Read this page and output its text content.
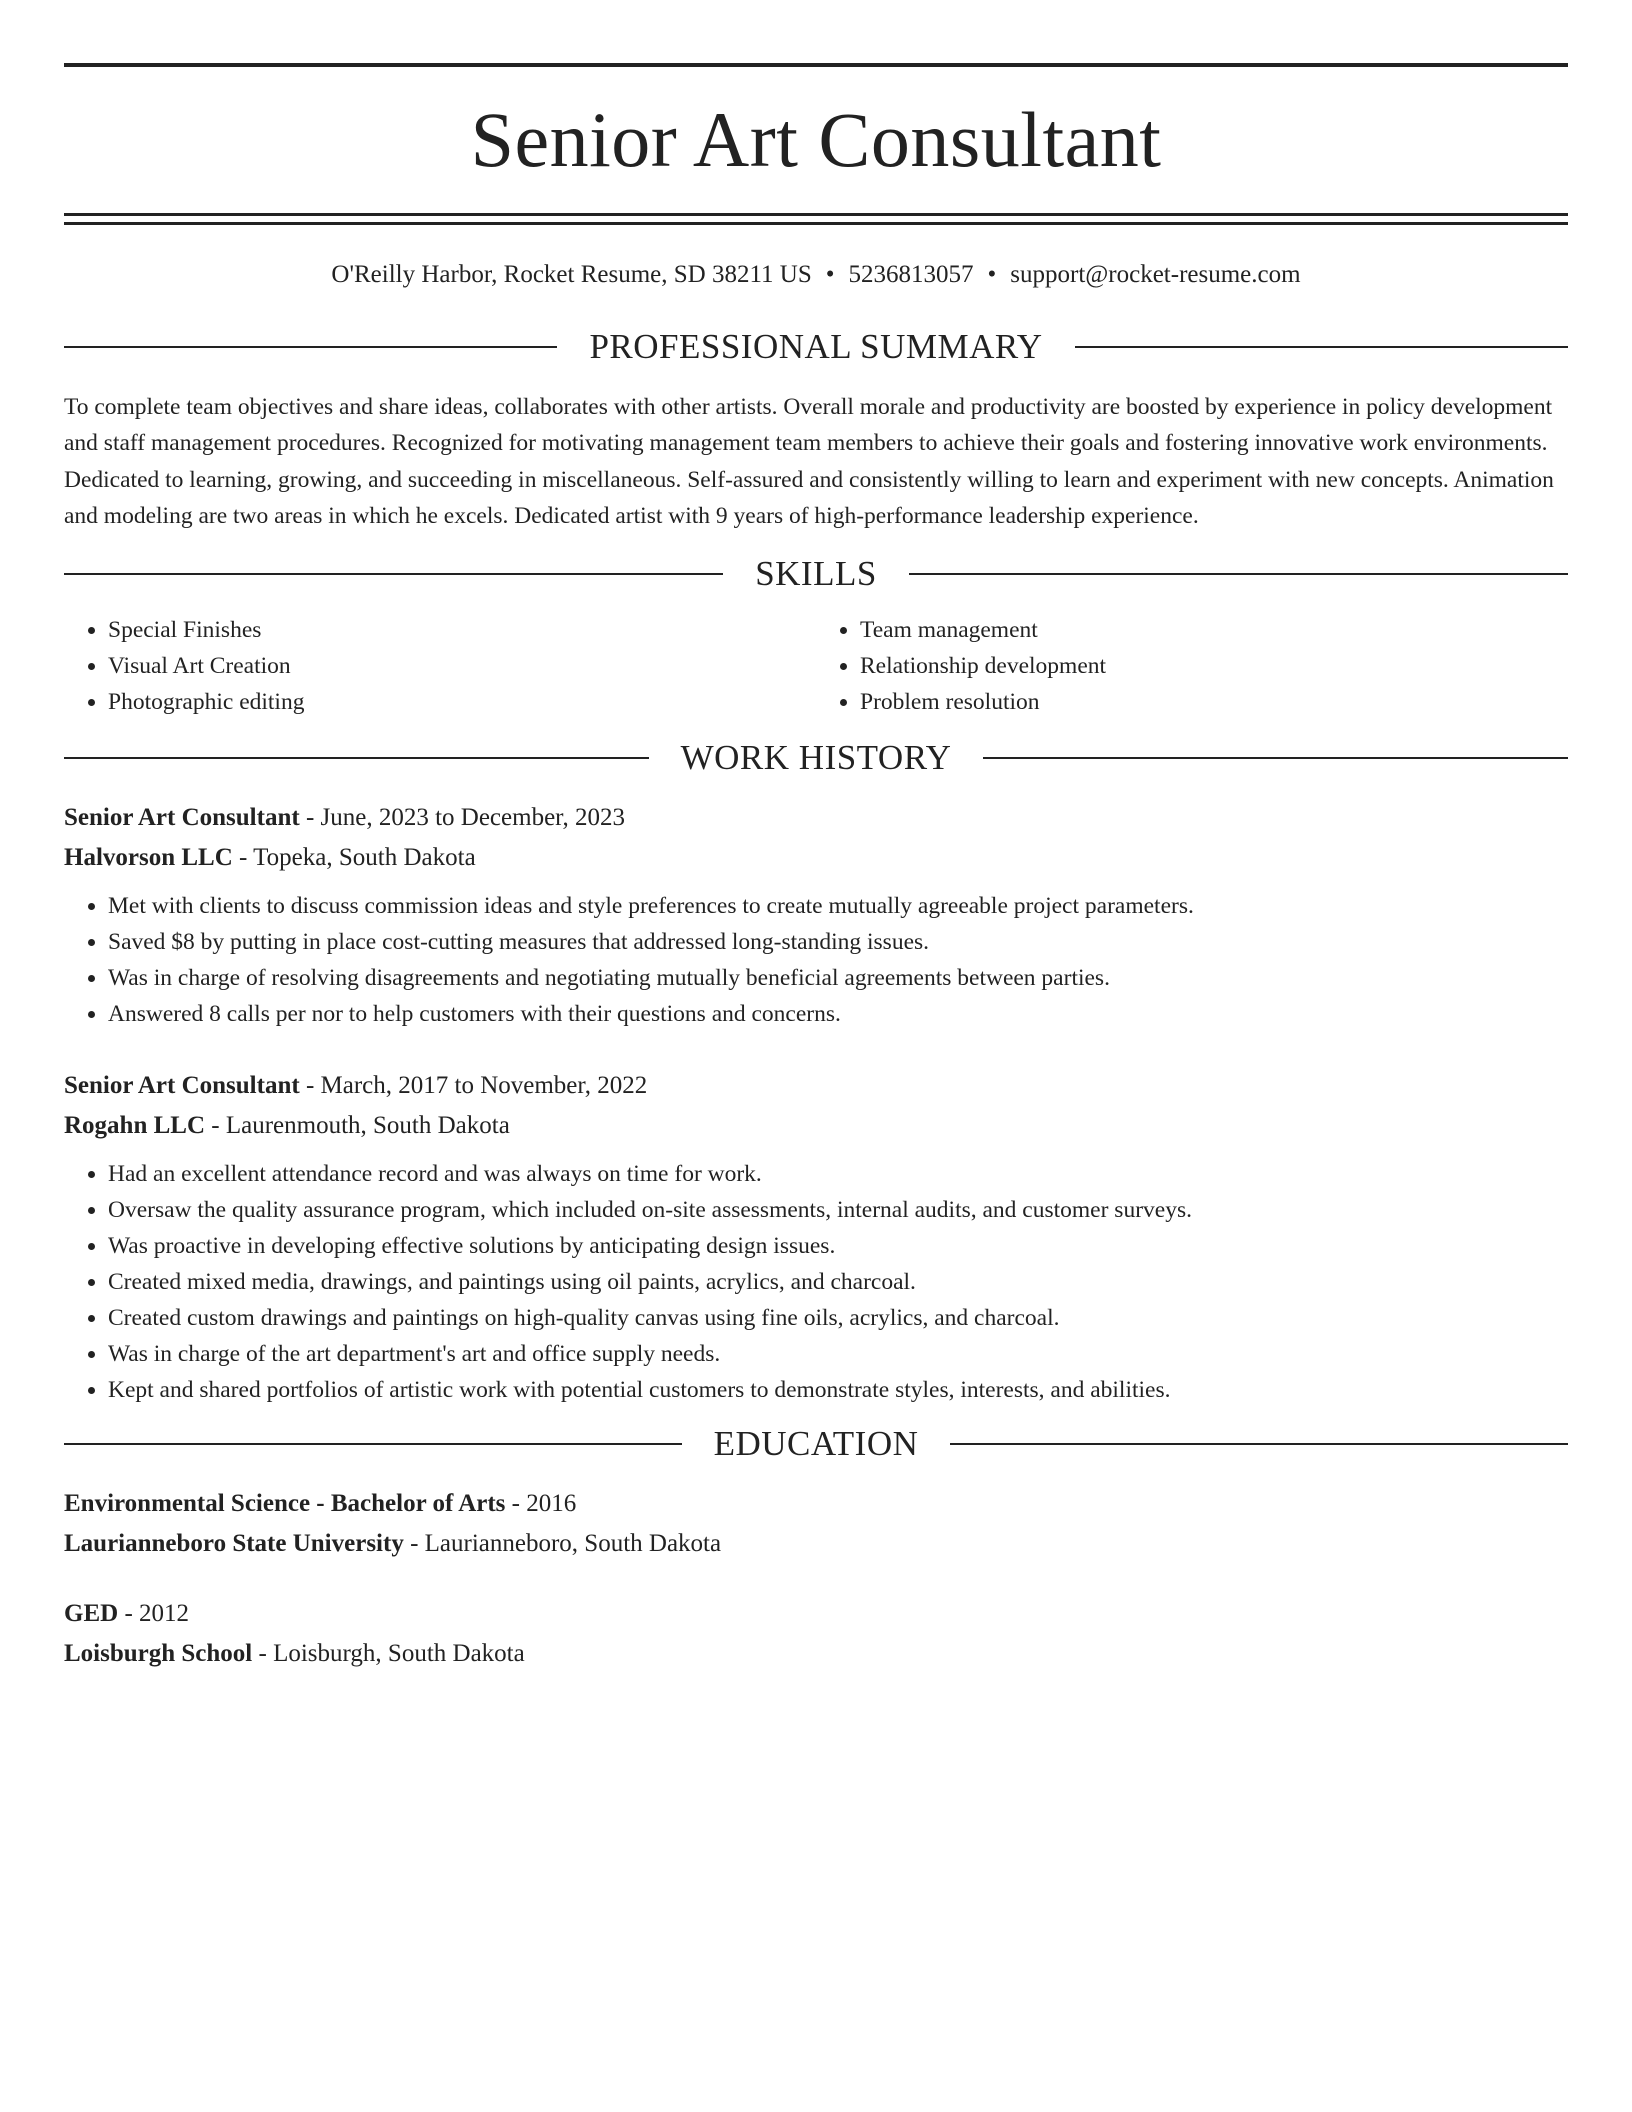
Senior Art Consultant
O'Reilly Harbor, Rocket Resume, SD 38211 US • 5236813057 • support@rocket-resume.com
PROFESSIONAL SUMMARY

To complete team objectives and share ideas, collaborates with other artists. Overall morale and productivity are boosted by experience in policy development and staff management procedures. Recognized for motivating management team members to achieve their goals and fostering innovative work environments. Dedicated to learning, growing, and succeeding in miscellaneous. Self-assured and consistently willing to learn and experiment with new concepts. Animation and modeling are two areas in which he excels. Dedicated artist with 9 years of high-performance leadership experience.

SKILLS
• Special Finishes
• Visual Art Creation
• Photographic editing
• Team management
• Relationship development
• Problem resolution
WORK HISTORY
Senior Art Consultant - June, 2023 to December, 2023
Halvorson LLC - Topeka, South Dakota
• Met with clients to discuss commission ideas and style preferences to create mutually agreeable project parameters.
• Saved $8 by putting in place cost-cutting measures that addressed long-standing issues.
• Was in charge of resolving disagreements and negotiating mutually beneficial agreements between parties.
• Answered 8 calls per nor to help customers with their questions and concerns.
Senior Art Consultant - March, 2017 to November, 2022
Rogahn LLC - Laurenmouth, South Dakota
• Had an excellent attendance record and was always on time for work.
• Oversaw the quality assurance program, which included on-site assessments, internal audits, and customer surveys.
• Was proactive in developing effective solutions by anticipating design issues.
• Created mixed media, drawings, and paintings using oil paints, acrylics, and charcoal.
• Created custom drawings and paintings on high-quality canvas using fine oils, acrylics, and charcoal.
• Was in charge of the art department's art and office supply needs.
• Kept and shared portfolios of artistic work with potential customers to demonstrate styles, interests, and abilities.
EDUCATION
Environmental Science - Bachelor of Arts - 2016
Laurianneboro State University - Laurianneboro, South Dakota
GED - 2012
Loisburgh School - Loisburgh, South Dakota
